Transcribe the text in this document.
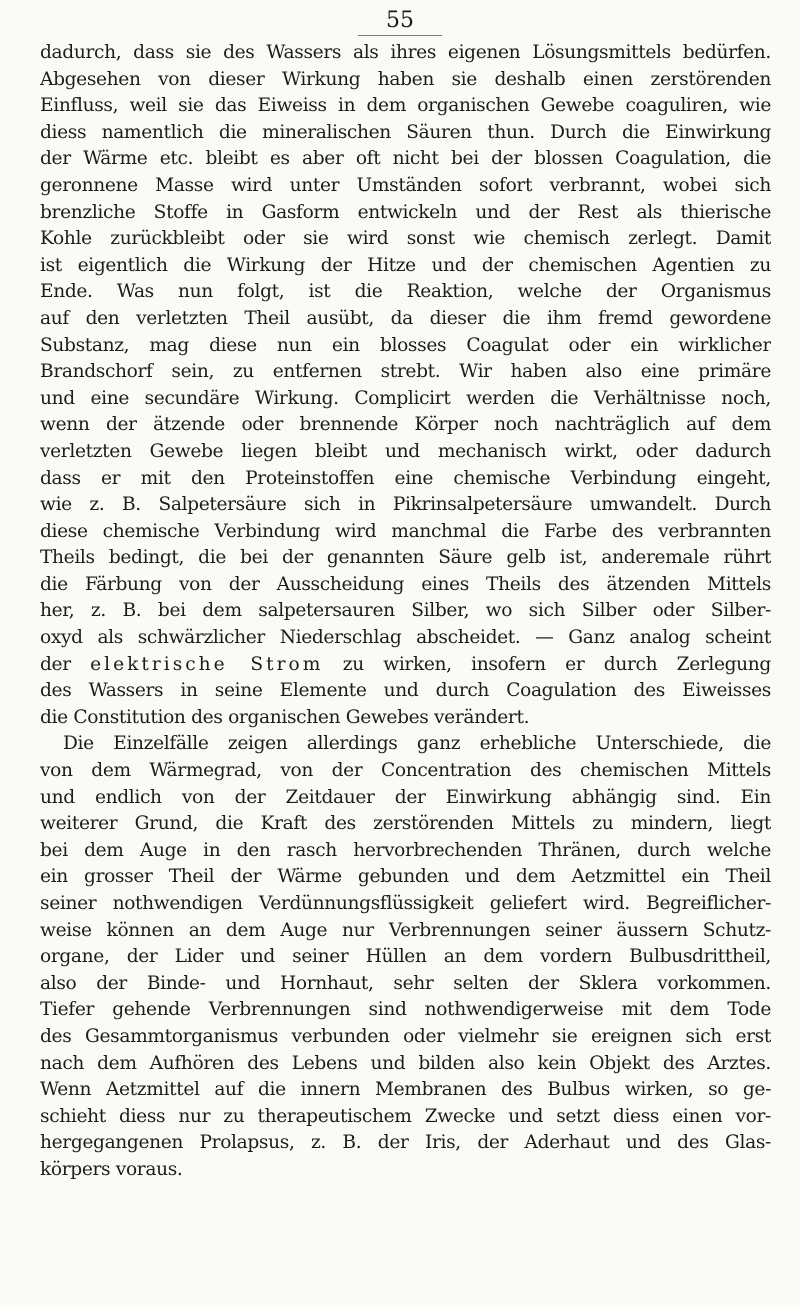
55
dadurch, dass sie des Wassers als ihres eigenen Lösungsmittels bedürfen.
Abgesehen von dieser Wirkung haben sie deshalb einen zerstörenden
Einfluss, weil sie das Eiweiss in dem organischen Gewebe coaguliren, wie
diess namentlich die mineralischen Säuren thun. Durch die Einwirkung
der Wärme etc. bleibt es aber oft nicht bei der blossen Coagulation, die
geronnene Masse wird unter Umständen sofort verbrannt, wobei sich
brenzliche Stoffe in Gasform entwickeln und der Rest als thierische
Kohle zurückbleibt oder sie wird sonst wie chemisch zerlegt. Damit
ist eigentlich die Wirkung der Hitze und der chemischen Agentien zu
Ende. Was nun folgt, ist die Reaktion, welche der Organismus
auf den verletzten Theil ausübt, da dieser die ihm fremd gewordene
Substanz, mag diese nun ein blosses Coagulat oder ein wirklicher
Brandschorf sein, zu entfernen strebt. Wir haben also eine primäre
und eine secundäre Wirkung. Complicirt werden die Verhältnisse noch,
wenn der ätzende oder brennende Körper noch nachträglich auf dem
verletzten Gewebe liegen bleibt und mechanisch wirkt, oder dadurch
dass er mit den Proteinstoffen eine chemische Verbindung eingeht,
wie z. B. Salpetersäure sich in Pikrinsalpetersäure umwandelt. Durch
diese chemische Verbindung wird manchmal die Farbe des verbrannten
Theils bedingt, die bei der genannten Säure gelb ist, anderemale rührt
die Färbung von der Ausscheidung eines Theils des ätzenden Mittels
her, z. B. bei dem salpetersauren Silber, wo sich Silber oder Silber-
oxyd als schwärzlicher Niederschlag abscheidet. — Ganz analog scheint
der elektrische Strom zu wirken, insofern er durch Zerlegung
des Wassers in seine Elemente und durch Coagulation des Eiweisses
die Constitution des organischen Gewebes verändert.
Die Einzelfälle zeigen allerdings ganz erhebliche Unterschiede, die
von dem Wärmegrad, von der Concentration des chemischen Mittels
und endlich von der Zeitdauer der Einwirkung abhängig sind. Ein
weiterer Grund, die Kraft des zerstörenden Mittels zu mindern, liegt
bei dem Auge in den rasch hervorbrechenden Thränen, durch welche
ein grosser Theil der Wärme gebunden und dem Aetzmittel ein Theil
seiner nothwendigen Verdünnungsflüssigkeit geliefert wird. Begreiflicher-
weise können an dem Auge nur Verbrennungen seiner äussern Schutz-
organe, der Lider und seiner Hüllen an dem vordern Bulbusdrittheil,
also der Binde- und Hornhaut, sehr selten der Sklera vorkommen.
Tiefer gehende Verbrennungen sind nothwendigerweise mit dem Tode
des Gesammtorganismus verbunden oder vielmehr sie ereignen sich erst
nach dem Aufhören des Lebens und bilden also kein Objekt des Arztes.
Wenn Aetzmittel auf die innern Membranen des Bulbus wirken, so ge-
schieht diess nur zu therapeutischem Zwecke und setzt diess einen vor-
hergegangenen Prolapsus, z. B. der Iris, der Aderhaut und des Glas-
körpers voraus.
